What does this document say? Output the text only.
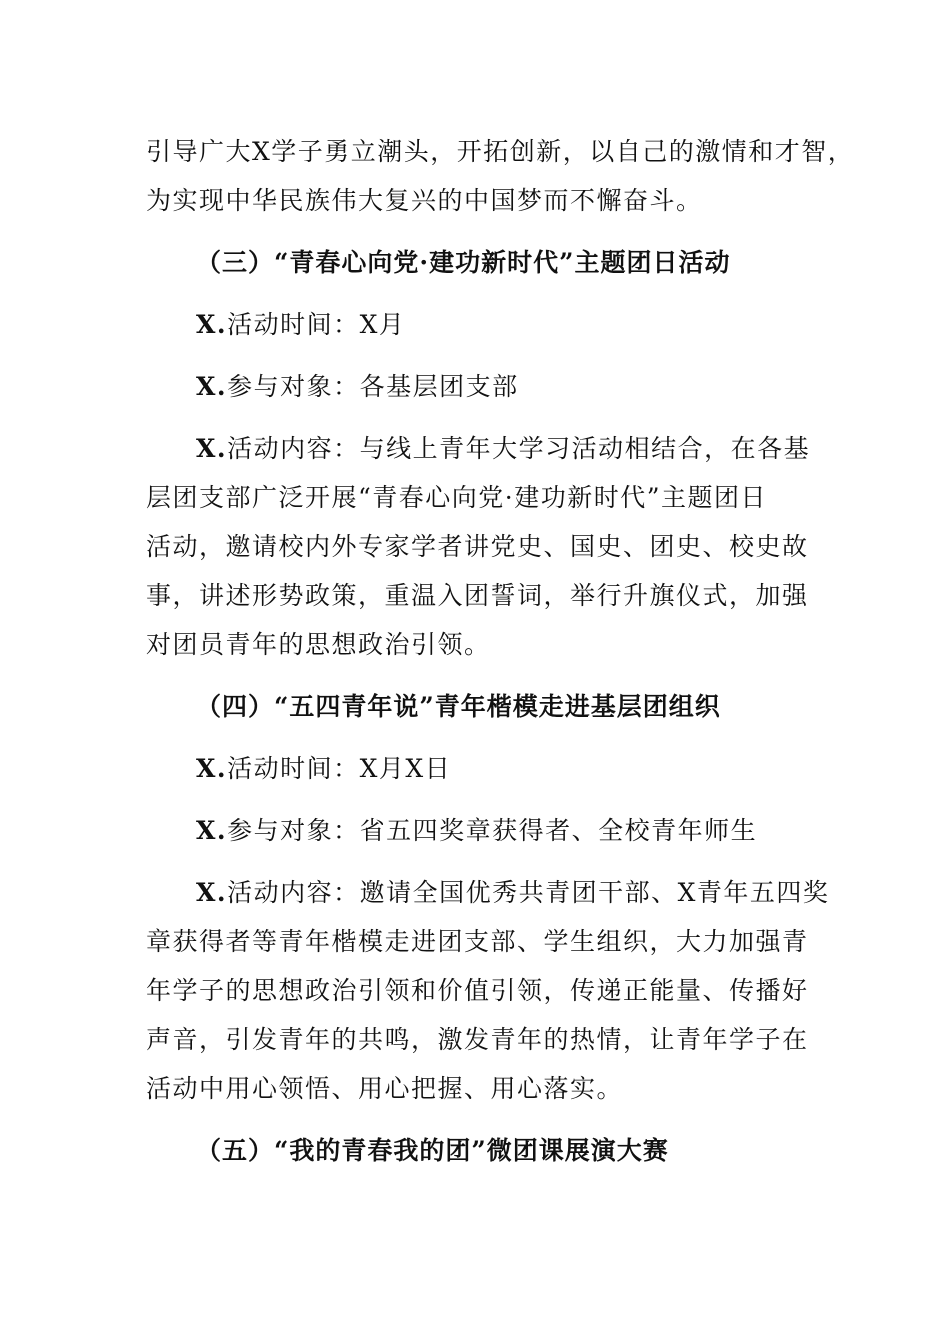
引导广大X学子勇立潮头，开拓创新，以自己的激情和才智，
为实现中华民族伟大复兴的中国梦而不懈奋斗。
（三）“青春心向党·建功新时代”主题团日活动
X.活动时间：X月
X.参与对象：各基层团支部
X.活动内容：与线上青年大学习活动相结合，在各基
层团支部广泛开展“青春心向党·建功新时代”主题团日
活动，邀请校内外专家学者讲党史、国史、团史、校史故
事，讲述形势政策，重温入团誓词，举行升旗仪式，加强
对团员青年的思想政治引领。
（四）“五四青年说”青年楷模走进基层团组织
X.活动时间：X月X日
X.参与对象：省五四奖章获得者、全校青年师生
X.活动内容：邀请全国优秀共青团干部、X青年五四奖
章获得者等青年楷模走进团支部、学生组织，大力加强青
年学子的思想政治引领和价值引领，传递正能量、传播好
声音，引发青年的共鸣，激发青年的热情，让青年学子在
活动中用心领悟、用心把握、用心落实。
（五）“我的青春我的团”微团课展演大赛
